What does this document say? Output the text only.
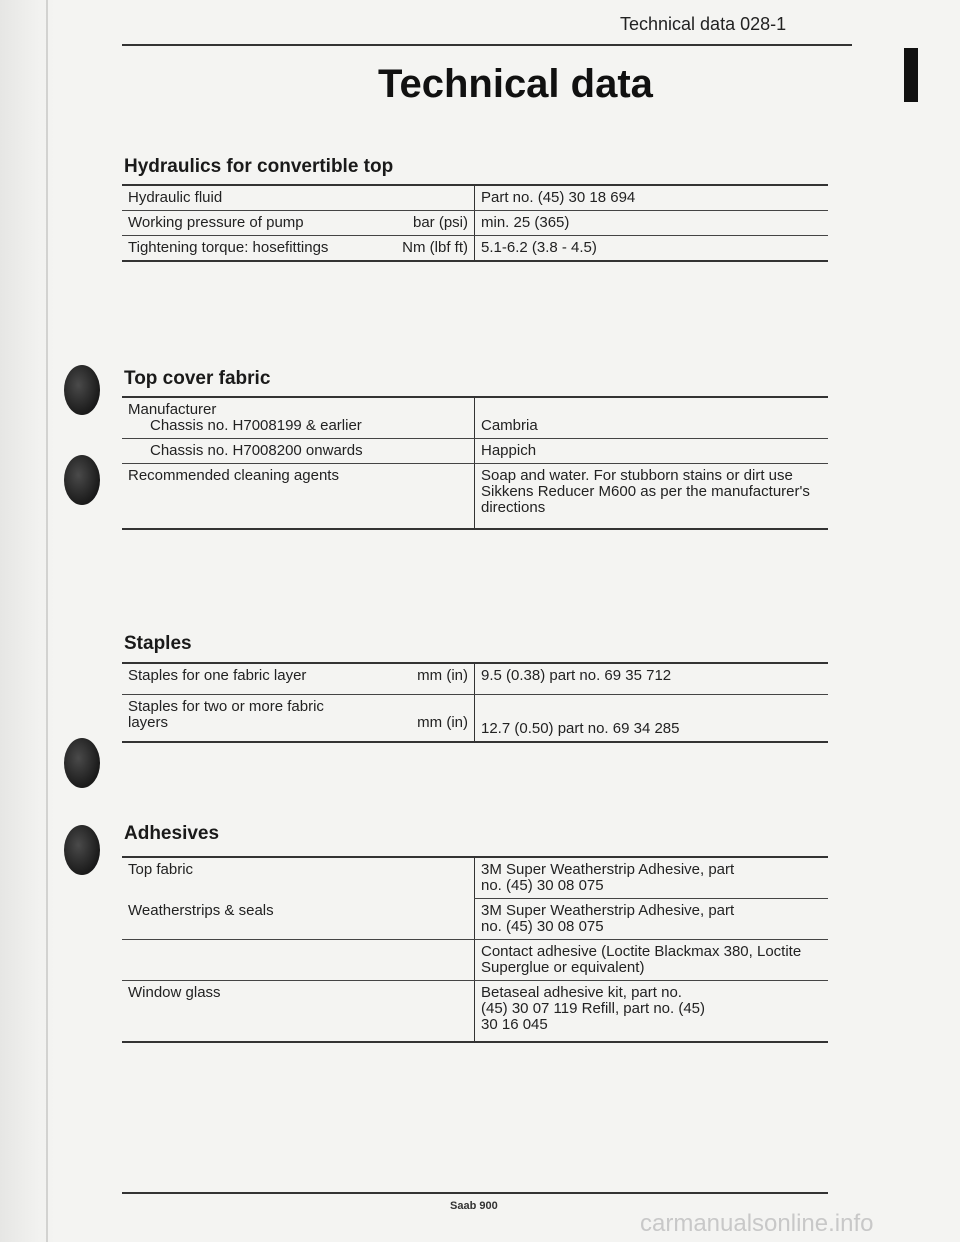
Technical data 028-1
Technical data
Hydraulics for convertible top
Hydraulic fluid	Part no. (45) 30 18 694
Working pressure of pump bar (psi)	min. 25 (365)
Tightening torque: hosefittings Nm (lbf ft)	5.1-6.2 (3.8 - 4.5)
Top cover fabric
Manufacturer
Chassis no. H7008199 & earlier	Cambria

Chassis no. H7008200 onwards	Happich
Recommended cleaning agents	Soap and water. For stubborn stains or dirt use Sikkens Reducer M600 as per the manufacturer's directions
Staples
Staples for one fabric layer mm (in)	9.5 (0.38) part no. 69 35 712
Staples for two or more fabric layers mm (in)	12.7 (0.50) part no. 69 34 285
Adhesives
Top fabric	3M Super Weatherstrip Adhesive, part no. (45) 30 08 075
Weatherstrips & seals	3M Super Weatherstrip Adhesive, part no. (45) 30 08 075
	Contact adhesive (Loctite Blackmax 380, Loctite Superglue or equivalent)
Window glass	Betaseal adhesive kit, part no. (45) 30 07 119 Refill, part no. (45) 30 16 045
Saab 900
carmanualsonline.info
